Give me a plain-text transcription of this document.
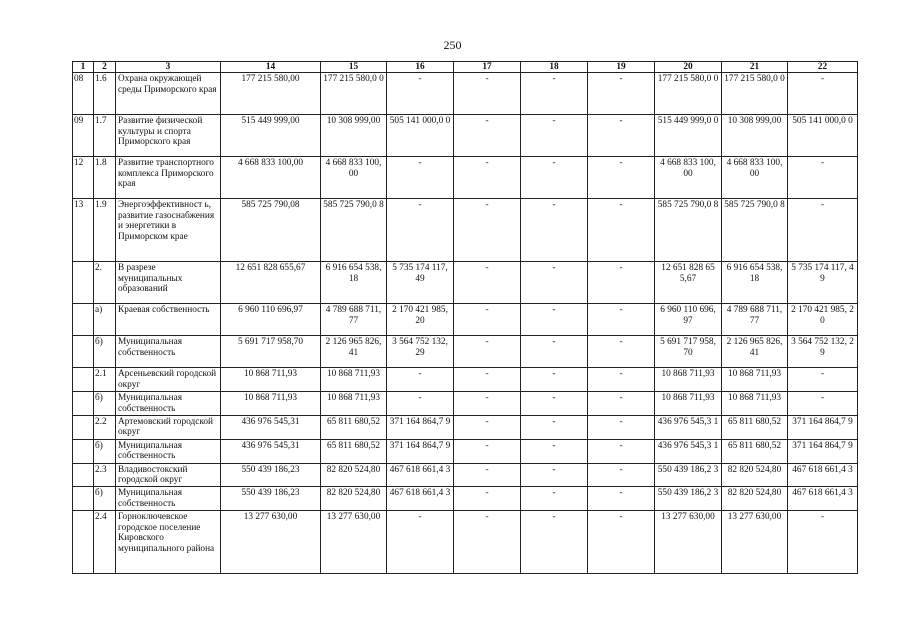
250
1	2	3	14	15	16	17	18	19	20	21	22
08	1.6	Охрана окружающей среды Приморского края	177 215 580,00	177 215 580,0 0	-	-	-	-	177 215 580,0 0	177 215 580,0 0	-
09	1.7	Развитие физической культуры и спорта Приморского края	515 449 999,00	10 308 999,00	505 141 000,0 0	-	-	-	515 449 999,0 0	10 308 999,00	505 141 000,0 0
12	1.8	Развитие транспортного комплекса Приморского края	4 668 833 100,00	4 668 833 100, 00	-	-	-	-	4 668 833 100, 00	4 668 833 100, 00	-
13	1.9	Энергоэффективност ь, развитие газоснабжения и энергетики в Приморском крае	585 725 790,08	585 725 790,0 8	-	-	-	-	585 725 790,0 8	585 725 790,0 8	-
	2.	В разрезе муниципальных образований	12 651 828 655,67	6 916 654 538, 18	5 735 174 117, 49	-	-	-	12 651 828 65 5,67	6 916 654 538, 18	5 735 174 117, 49
	а)	Краевая собственность	6 960 110 696,97	4 789 688 711, 77	2 170 421 985, 20	-	-	-	6 960 110 696, 97	4 789 688 711, 77	2 170 421 985, 20
	б)	Муниципальная собственность	5 691 717 958,70	2 126 965 826, 41	3 564 752 132, 29	-	-	-	5 691 717 958, 70	2 126 965 826, 41	3 564 752 132, 29
	2.1	Арсеньевский городской округ	10 868 711,93	10 868 711,93	-	-	-	-	10 868 711,93	10 868 711,93	-
	б)	Муниципальная собственность	10 868 711,93	10 868 711,93	-	-	-	-	10 868 711,93	10 868 711,93	-
	2.2	Артемовский городской округ	436 976 545,31	65 811 680,52	371 164 864,7 9	-	-	-	436 976 545,3 1	65 811 680,52	371 164 864,7 9
	б)	Муниципальная собственность	436 976 545,31	65 811 680,52	371 164 864,7 9	-	-	-	436 976 545,3 1	65 811 680,52	371 164 864,7 9
	2.3	Владивостокский городской округ	550 439 186,23	82 820 524,80	467 618 661,4 3	-	-	-	550 439 186,2 3	82 820 524,80	467 618 661,4 3
	б)	Муниципальная собственность	550 439 186,23	82 820 524,80	467 618 661,4 3	-	-	-	550 439 186,2 3	82 820 524,80	467 618 661,4 3
	2.4	Горноключевское городское поселение Кировского муниципального района	13 277 630,00	13 277 630,00	-	-	-	-	13 277 630,00	13 277 630,00	-
